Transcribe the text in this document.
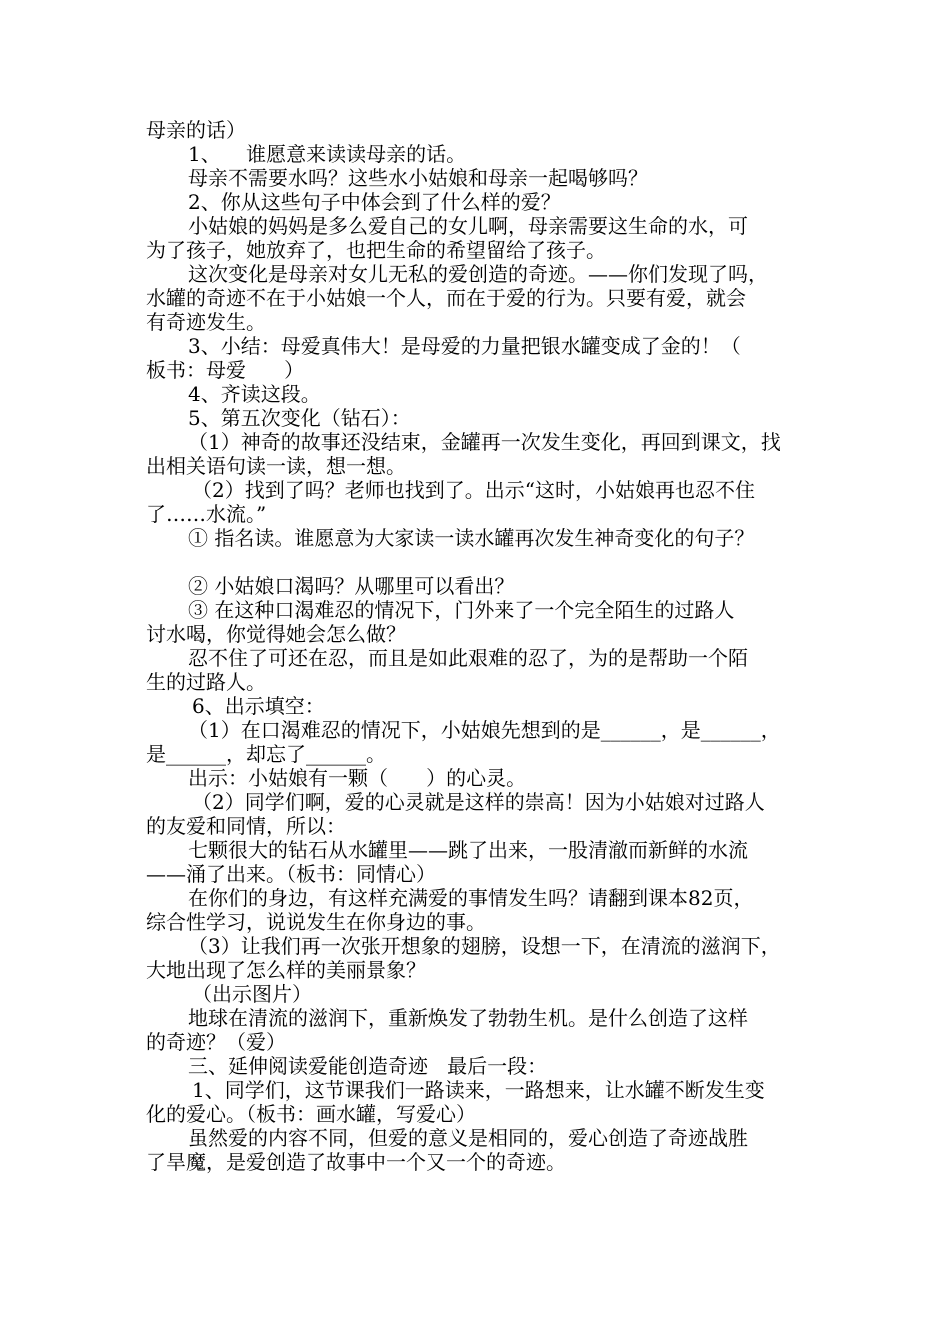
母亲的话）
1、    谁愿意来读读母亲的话。
母亲不需要水吗？这些水小姑娘和母亲一起喝够吗？
2、你从这些句子中体会到了什么样的爱？
小姑娘的妈妈是多么爱自己的女儿啊，母亲需要这生命的水，可
为了孩子，她放弃了，也把生命的希望留给了孩子。
这次变化是母亲对女儿无私的爱创造的奇迹。——你们发现了吗，
水罐的奇迹不在于小姑娘一个人，而在于爱的行为。只要有爱，就会
有奇迹发生。
3、小结：母爱真伟大！是母爱的力量把银水罐变成了金的！（
板书：母爱      ）
4、齐读这段。
5、第五次变化（钻石）：
（1）神奇的故事还没结束，金罐再一次发生变化，再回到课文，找
出相关语句读一读，想一想。
（2）找到了吗？老师也找到了。出示“这时，小姑娘再也忍不住
了……水流。”
① 指名读。谁愿意为大家读一读水罐再次发生神奇变化的句子？
② 小姑娘口渴吗？从哪里可以看出？
③ 在这种口渴难忍的情况下，门外来了一个完全陌生的过路人
讨水喝，你觉得她会怎么做？
忍不住了可还在忍，而且是如此艰难的忍了，为的是帮助一个陌
生的过路人。
6、出示填空：
（1）在口渴难忍的情况下，小姑娘先想到的是______，是______，
是______，却忘了______。
出示：小姑娘有一颗（      ）的心灵。
（2）同学们啊，爱的心灵就是这样的崇高！因为小姑娘对过路人
的友爱和同情，所以：
七颗很大的钻石从水罐里——跳了出来，一股清澈而新鲜的水流
——涌了出来。（板书：同情心）
在你们的身边，有这样充满爱的事情发生吗？请翻到课本82页，
综合性学习，说说发生在你身边的事。
（3）让我们再一次张开想象的翅膀，设想一下，在清流的滋润下，
大地出现了怎么样的美丽景象？
（出示图片）
地球在清流的滋润下，重新焕发了勃勃生机。是什么创造了这样
的奇迹？（爱）
三、延伸阅读爱能创造奇迹   最后一段：
1、同学们，这节课我们一路读来，一路想来，让水罐不断发生变
化的爱心。（板书：画水罐，写爱心）
虽然爱的内容不同，但爱的意义是相同的，爱心创造了奇迹战胜
了旱魔，是爱创造了故事中一个又一个的奇迹。
